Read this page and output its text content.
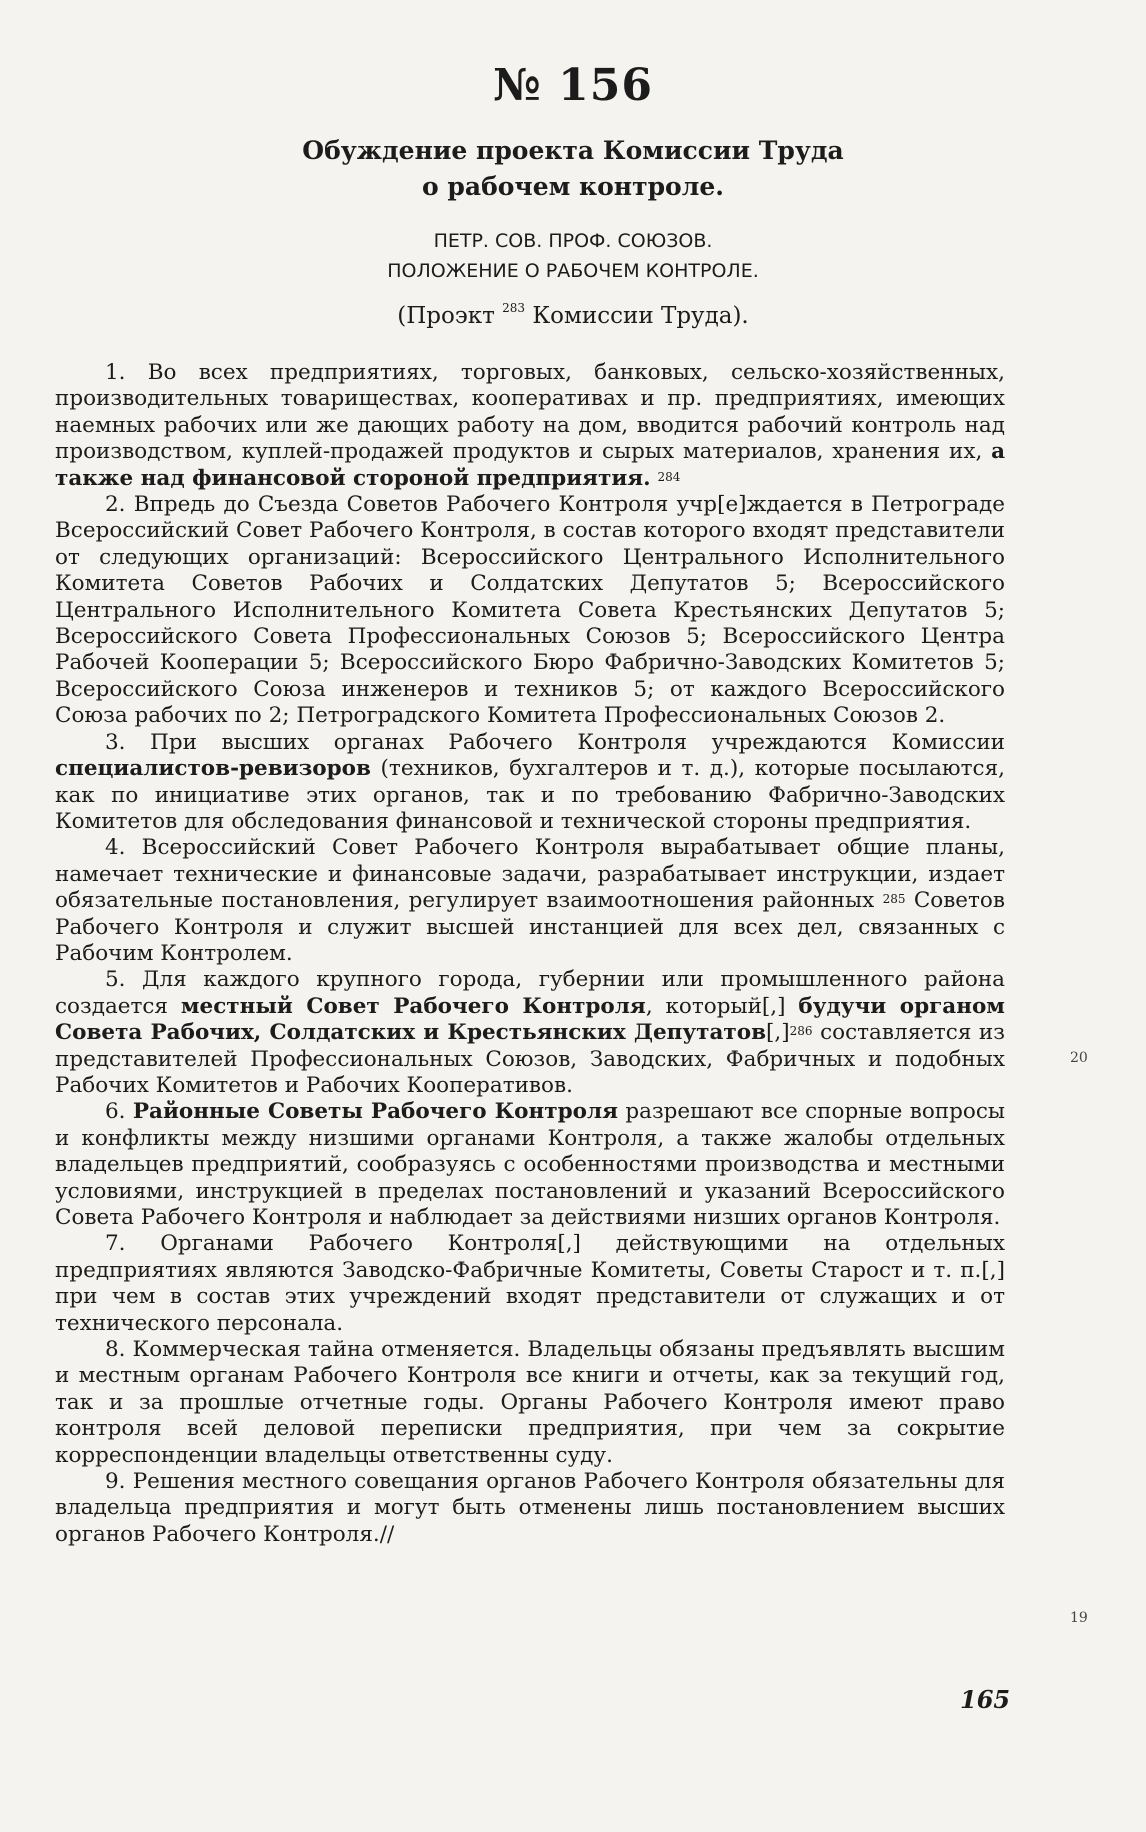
№ 156
Обуждение проекта Комиссии Труда
о рабочем контроле.
ПЕТР. СОВ. ПРОФ. СОЮЗОВ.
ПОЛОЖЕНИЕ О РАБОЧЕМ КОНТРОЛЕ.
(Проэкт $^{283}$ Комиссии Труда).

1. Во всех предприятиях, торговых, банковых, сельско-хозяйственных, производительных товариществах, кооперативах и пр. предприятиях, имеющих наемных рабочих или же дающих работу на дом, вводится рабочий контроль над производством, куплей-продажей продуктов и сырых материалов, хранения их, а также над финансовой стороной предприятия. $^{284}$

2. Впредь до Съезда Советов Рабочего Контроля учр[е]ждается в Петрограде Всероссийский Совет Рабочего Контроля, в состав которого входят представители от следующих организаций: Всероссийского Центрального Исполнительного Комитета Советов Рабочих и Солдатских Депутатов 5; Всероссийского Центрального Исполнительного Комитета Совета Крестьянских Депутатов 5; Всероссийского Совета Профессиональных Союзов 5; Всероссийского Центра Рабочей Кооперации 5; Всероссийского Бюро Фабрично-Заводских Комитетов 5; Всероссийского Союза инженеров и техников 5; от каждого Всероссийского Союза рабочих по 2; Петроградского Комитета Профессиональных Союзов 2.

3. При высших органах Рабочего Контроля учреждаются Комиссии специалистов-ревизоров (техников, бухгалтеров и т. д.), которые посылаются, как по инициативе этих органов, так и по требованию Фабрично-Заводских Комитетов для обследования финансовой и технической стороны предприятия.

4. Всероссийский Совет Рабочего Контроля вырабатывает общие планы, намечает технические и финансовые задачи, разрабатывает инструкции, издает обязательные постановления, регулирует взаимоотношения районных $^{285}$ Советов Рабочего Контроля и служит высшей инстанцией для всех дел, связанных с Рабочим Контролем.

5. Для каждого крупного города, губернии или промышленного района создается местный Совет Рабочего Контроля, который[,] будучи органом Совета Рабочих, Солдатских и Крестьянских Депутатов[,]$^{286}$ составляется из представителей Профессиональных Союзов, Заводских, Фабричных и подобных Рабочих Комитетов и Рабочих Кооперативов.

6. Районные Советы Рабочего Контроля разрешают все спорные вопросы и конфликты между низшими органами Контроля, а также жалобы отдельных владельцев предприятий, сообразуясь с особенностями производства и местными условиями, инструкцией в пределах постановлений и указаний Всероссийского Совета Рабочего Контроля и наблюдает за действиями низших органов Контроля.

7. Органами Рабочего Контроля[,] действующими на отдельных предприятиях являются Заводско-Фабричные Комитеты, Советы Старост и т. п.[,] при чем в состав этих учреждений входят представители от служащих и от технического персонала.

8. Коммерческая тайна отменяется. Владельцы обязаны предъявлять высшим и местным органам Рабочего Контроля все книги и отчеты, как за текущий год, так и за прошлые отчетные годы. Органы Рабочего Контроля имеют право контроля всей деловой переписки предприятия, при чем за сокрытие корреспонденции владельцы ответственны суду.

9. Решения местного совещания органов Рабочего Контроля обязательны для владельца предприятия и могут быть отменены лишь постановлением высших органов Рабочего Контроля.//

20
19
165
